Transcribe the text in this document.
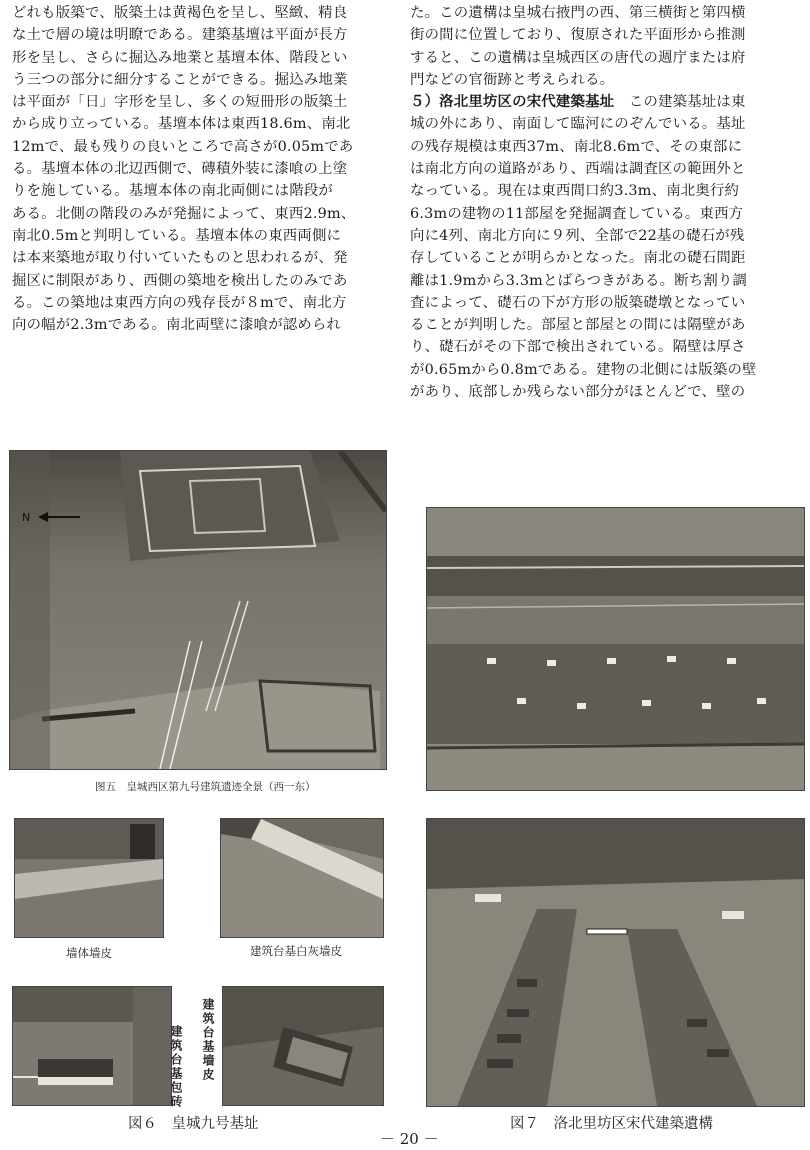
どれも版築で、版築土は黄褐色を呈し、堅緻、精良

な土で層の境は明瞭である。建築基壇は平面が長方

形を呈し、さらに掘込み地業と基壇本体、階段とい

う三つの部分に細分することができる。掘込み地業

は平面が「日」字形を呈し、多くの短冊形の版築土

から成り立っている。基壇本体は東西18.6m、南北

12mで、最も残りの良いところで高さが0.05mであ

る。基壇本体の北辺西側で、磚積外装に漆喰の上塗

りを施している。基壇本体の南北両側には階段が

ある。北側の階段のみが発掘によって、東西2.9m、

南北0.5mと判明している。基壇本体の東西両側に

は本来築地が取り付いていたものと思われるが、発

掘区に制限があり、西側の築地を検出したのみであ

る。この築地は東西方向の残存長が８mで、南北方

向の幅が2.3mである。南北両壁に漆喰が認められ

た。この遺構は皇城右掖門の西、第三横街と第四横

街の間に位置しており、復原された平面形から推測

すると、この遺構は皇城西区の唐代の週庁または府

門などの官衙跡と考えられる。

５）洛北里坊区の宋代建築基址　この建築基址は東

城の外にあり、南面して臨河にのぞんでいる。基址

の残存規模は東西37m、南北8.6mで、その東部に

は南北方向の道路があり、西端は調査区の範囲外と

なっている。現在は東西間口約3.3m、南北奥行約

6.3mの建物の11部屋を発掘調査している。東西方

向に4列、南北方向に９列、全部で22基の礎石が残

存していることが明らかとなった。南北の礎石間距

離は1.9mから3.3mとばらつきがある。断ち割り調

査によって、礎石の下が方形の版築礎墩となってい

ることが判明した。部屋と部屋との間には隔壁があ

り、礎石がその下部で検出されている。隔壁は厚さ

が0.65mから0.8mである。建物の北側には版築の壁

があり、底部しか残らない部分がほとんどで、壁の

N
图五　皇城西区第九号建筑遗迹全景（西一东）
墙体墙皮	建筑台基白灰墙皮
建筑台基包砖 建筑台基墙皮
図６　皇城九号基址	図７　洛北里坊区宋代建築遺構
－ 20 －
